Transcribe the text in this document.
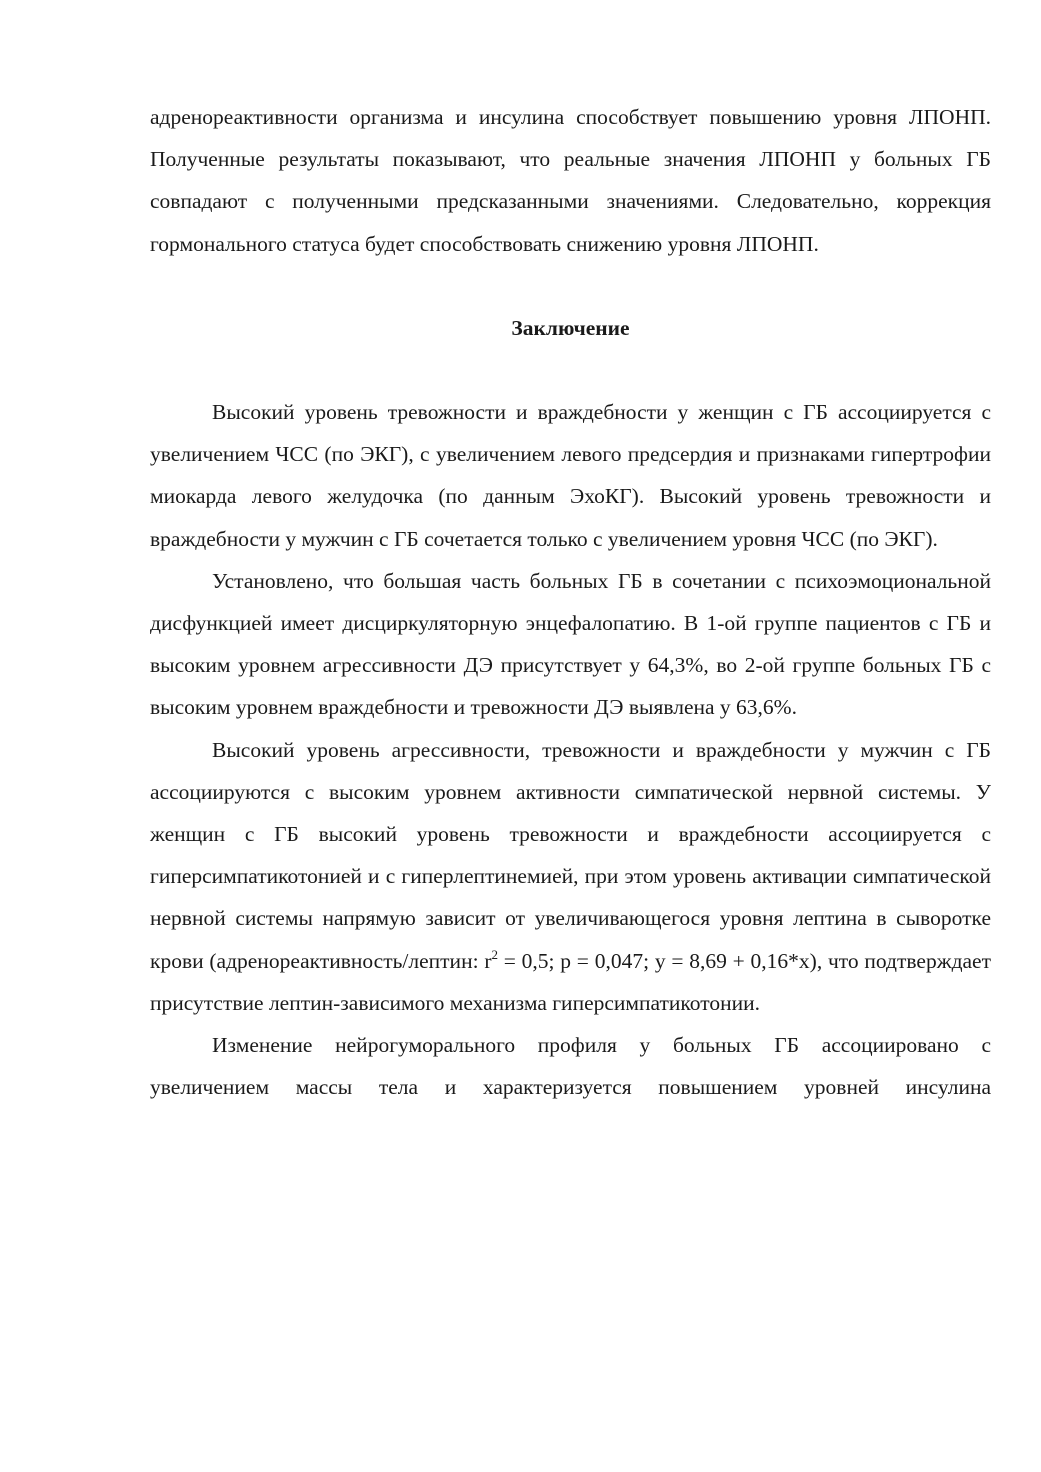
адренореактивности организма и инсулина способствует повышению уровня ЛПОНП. Полученные результаты показывают, что реальные значения ЛПОНП у больных ГБ совпадают с полученными предсказанными значениями. Следовательно, коррекция гормонального статуса будет способствовать снижению уровня ЛПОНП.

Заключение

Высокий уровень тревожности и враждебности у женщин с ГБ ассоциируется с увеличением ЧСС (по ЭКГ), с увеличением левого предсердия и признаками гипертрофии миокарда левого желудочка (по данным ЭхоКГ). Высокий уровень тревожности и враждебности у мужчин с ГБ сочетается только с увеличением уровня ЧСС (по ЭКГ).

Установлено, что большая часть больных ГБ в сочетании с психоэмоциональной дисфункцией имеет дисциркуляторную энцефалопатию. В 1-ой группе пациентов с ГБ и высоким уровнем агрессивности ДЭ присутствует у 64,3%, во 2-ой группе больных ГБ с высоким уровнем враждебности и тревожности ДЭ выявлена у 63,6%.

Высокий уровень агрессивности, тревожности и враждебности у мужчин с ГБ ассоциируются с высоким уровнем активности симпатической нервной системы. У женщин с ГБ высокий уровень тревожности и враждебности ассоциируется с гиперсимпатикотонией и с гиперлептинемией, при этом уровень активации симпатической нервной системы напрямую зависит от увеличивающегося уровня лептина в сыворотке крови (адренореактивность/лептин: $r^2 = 0,5$; p = 0,047; y = 8,69 + 0,16*x), что подтверждает присутствие лептин-зависимого механизма гиперсимпатикотонии.

Изменение нейрогуморального профиля у больных ГБ ассоциировано с увеличением массы тела и характеризуется повышением уровней инсулина
